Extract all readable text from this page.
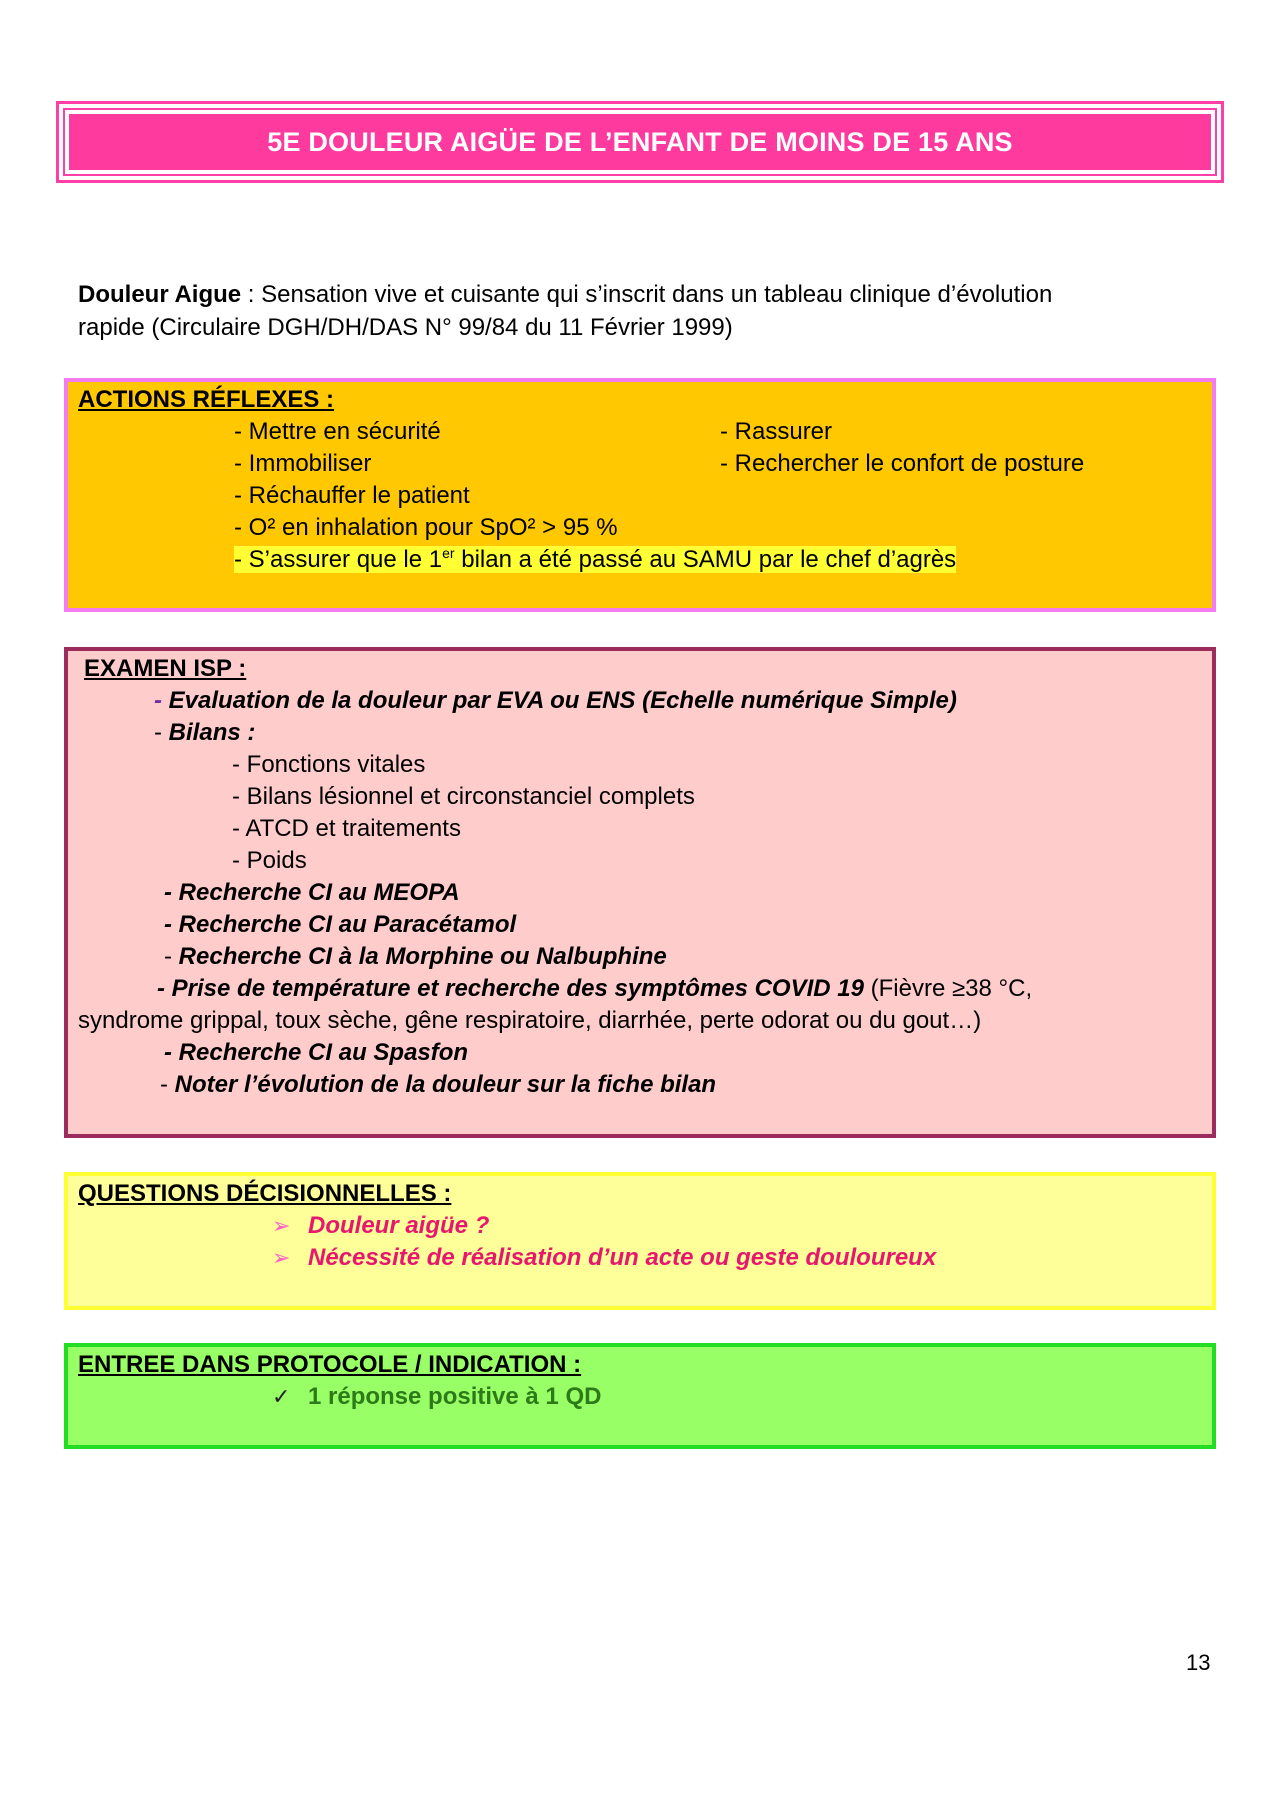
5E DOULEUR AIGÜE DE L’ENFANT DE MOINS DE 15 ANS
Douleur Aigue : Sensation vive et cuisante qui s’inscrit dans un tableau clinique d’évolution
rapide (Circulaire DGH/DH/DAS N° 99/84 du 11 Février 1999)
ACTIONS RÉFLEXES :
- Mettre en sécurité
- Immobiliser
- Réchauffer le patient
- O² en inhalation pour SpO² > 95 %
- S’assurer que le 1er bilan a été passé au SAMU par le chef d’agrès
- Rassurer
- Rechercher le confort de posture
EXAMEN ISP :
- Evaluation de la douleur par EVA ou ENS (Echelle numérique Simple)
- Bilans :
- Fonctions vitales
- Bilans lésionnel et circonstanciel complets
- ATCD et traitements
- Poids
- Recherche CI au MEOPA
- Recherche CI au Paracétamol
- Recherche CI à la Morphine ou Nalbuphine
- Prise de température et recherche des symptômes COVID 19 (Fièvre ≥38 °C,
syndrome grippal, toux sèche, gêne respiratoire, diarrhée, perte odorat ou du gout…)
- Recherche CI au Spasfon
- Noter l’évolution de la douleur sur la fiche bilan
QUESTIONS DÉCISIONNELLES :
➢ Douleur aigüe ?
➢ Nécessité de réalisation d’un acte ou geste douloureux
ENTREE DANS PROTOCOLE / INDICATION :
✓ 1 réponse positive à 1 QD
13
